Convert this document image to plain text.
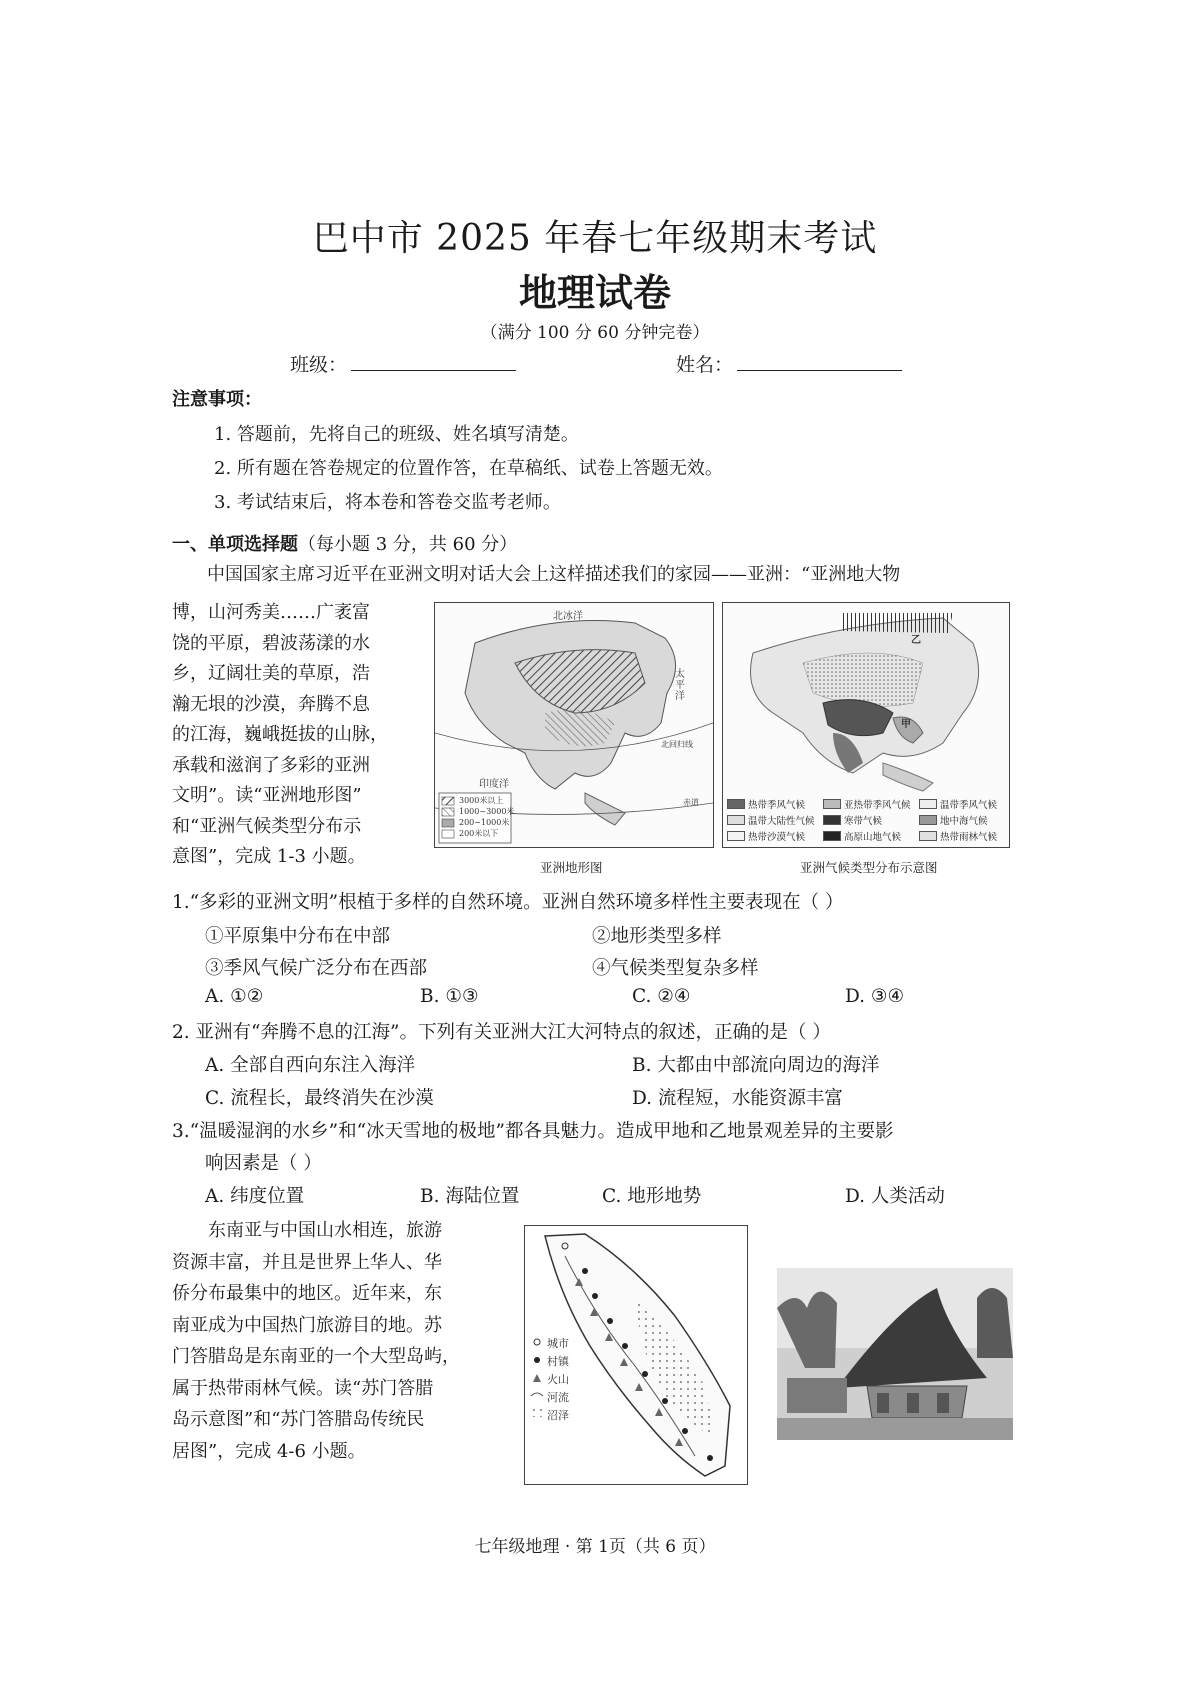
巴中市 2025 年春七年级期末考试
地理试卷
（满分 100 分 60 分钟完卷）
班级：	姓名：
注意事项：
1. 答题前，先将自己的班级、姓名填写清楚。
2. 所有题在答卷规定的位置作答，在草稿纸、试卷上答题无效。
3. 考试结束后，将本卷和答卷交监考老师。
一、单项选择题（每小题 3 分，共 60 分）
中国国家主席习近平在亚洲文明对话大会上这样描述我们的家园——亚洲：“亚洲地大物
博，山河秀美……广袤富
饶的平原，碧波荡漾的水
乡，辽阔壮美的草原，浩
瀚无垠的沙漠，奔腾不息
的江海，巍峨挺拔的山脉，
承载和滋润了多彩的亚洲
文明”。读“亚洲地形图”
和“亚洲气候类型分布示
意图”，完成 1-3 小题。
北冰洋
太平洋
印度洋
北回归线
赤道
3000米以上
1000~3000米
200~1000米
200米以下
亚洲地形图
乙
甲
热带季风气候	亚热带季风气候	温带季风气候
温带大陆性气候	寒带气候	地中海气候
热带沙漠气候	高原山地气候	热带雨林气候
亚洲气候类型分布示意图
1.“多彩的亚洲文明”根植于多样的自然环境。亚洲自然环境多样性主要表现在（ ）
①平原集中分布在中部	②地形类型多样
③季风气候广泛分布在西部	④气候类型复杂多样
A. ①②	B. ①③	C. ②④	D. ③④
2. 亚洲有“奔腾不息的江海”。下列有关亚洲大江大河特点的叙述，正确的是（ ）
A. 全部自西向东注入海洋	B. 大都由中部流向周边的海洋
C. 流程长，最终消失在沙漠	D. 流程短，水能资源丰富
3.“温暖湿润的水乡”和“冰天雪地的极地”都各具魅力。造成甲地和乙地景观差异的主要影
响因素是（ ）
A. 纬度位置	B. 海陆位置	C. 地形地势	D. 人类活动
东南亚与中国山水相连，旅游
资源丰富，并且是世界上华人、华
侨分布最集中的地区。近年来，东
南亚成为中国热门旅游目的地。苏
门答腊岛是东南亚的一个大型岛屿，
属于热带雨林气候。读“苏门答腊
岛示意图”和“苏门答腊岛传统民
居图”，完成 4-6 小题。
城市
村镇
火山
河流
沼泽
七年级地理 · 第 1页（共 6 页）
